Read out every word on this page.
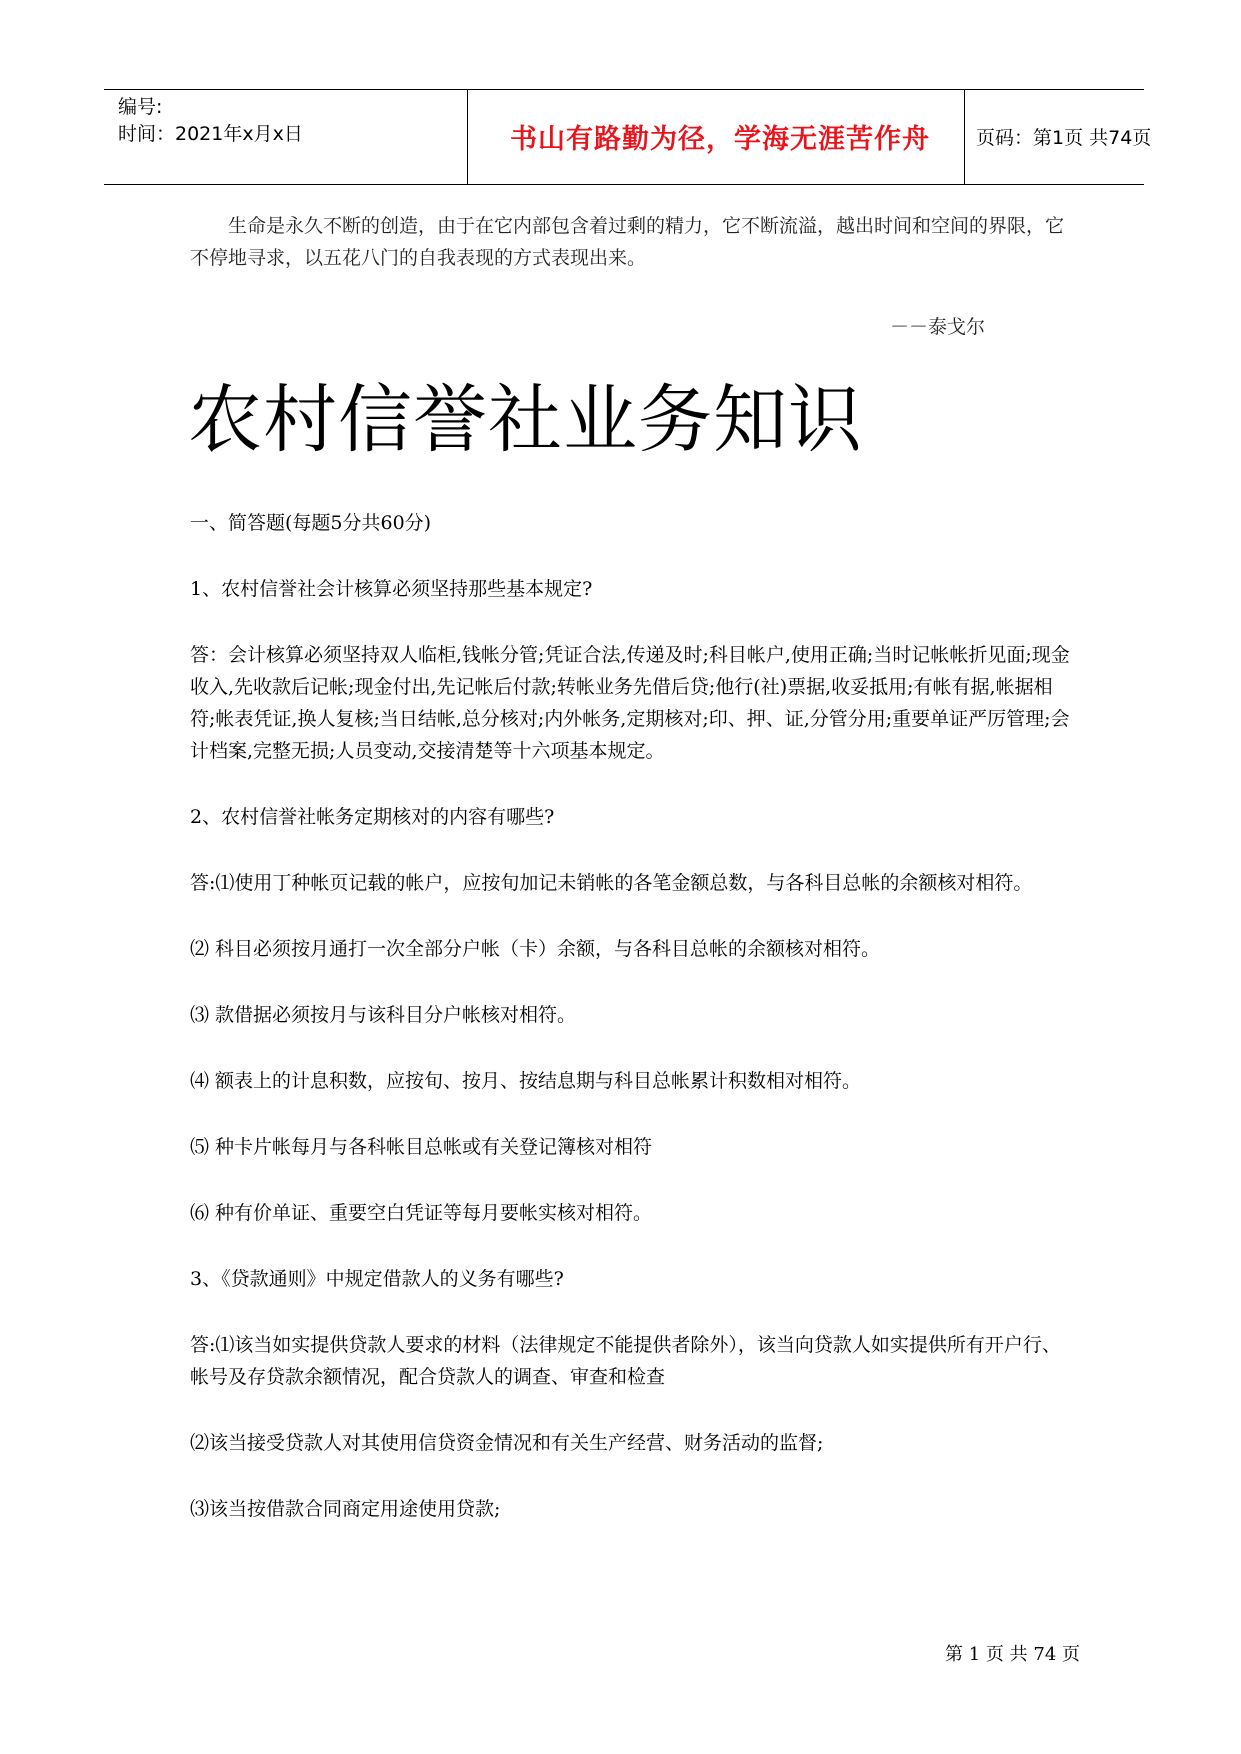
编号:
时间：2021年x月x日	书山有路勤为径，学海无涯苦作舟	页码：第1页 共74页
生命是永久不断的创造，由于在它内部包含着过剩的精力，它不断流溢，越出时间和空间的界限，它不停地寻求，以五花八门的自我表现的方式表现出来。
－－泰戈尔
农村信誉社业务知识

一、简答题(每题5分共60分)

1、农村信誉社会计核算必须坚持那些基本规定?

答：会计核算必须坚持双人临柜,钱帐分管;凭证合法,传递及时;科目帐户,使用正确;当时记帐帐折见面;现金收入,先收款后记帐;现金付出,先记帐后付款;转帐业务先借后贷;他行(社)票据,收妥抵用;有帐有据,帐据相符;帐表凭证,换人复核;当日结帐,总分核对;内外帐务,定期核对;印、押、证,分管分用;重要单证严厉管理;会计档案,完整无损;人员变动,交接清楚等十六项基本规定。

2、农村信誉社帐务定期核对的内容有哪些?

答:⑴使用丁种帐页记载的帐户，应按旬加记未销帐的各笔金额总数，与各科目总帐的余额核对相符。

⑵ 科目必须按月通打一次全部分户帐（卡）余额，与各科目总帐的余额核对相符。

⑶ 款借据必须按月与该科目分户帐核对相符。

⑷ 额表上的计息积数，应按旬、按月、按结息期与科目总帐累计积数相对相符。

⑸ 种卡片帐每月与各科帐目总帐或有关登记簿核对相符

⑹ 种有价单证、重要空白凭证等每月要帐实核对相符。

3、《贷款通则》中规定借款人的义务有哪些?

答:⑴该当如实提供贷款人要求的材料（法律规定不能提供者除外），该当向贷款人如实提供所有开户行、帐号及存贷款余额情况，配合贷款人的调查、审查和检查

⑵该当接受贷款人对其使用信贷资金情况和有关生产经营、财务活动的监督;

⑶该当按借款合同商定用途使用贷款;

第 1 页 共 74 页
